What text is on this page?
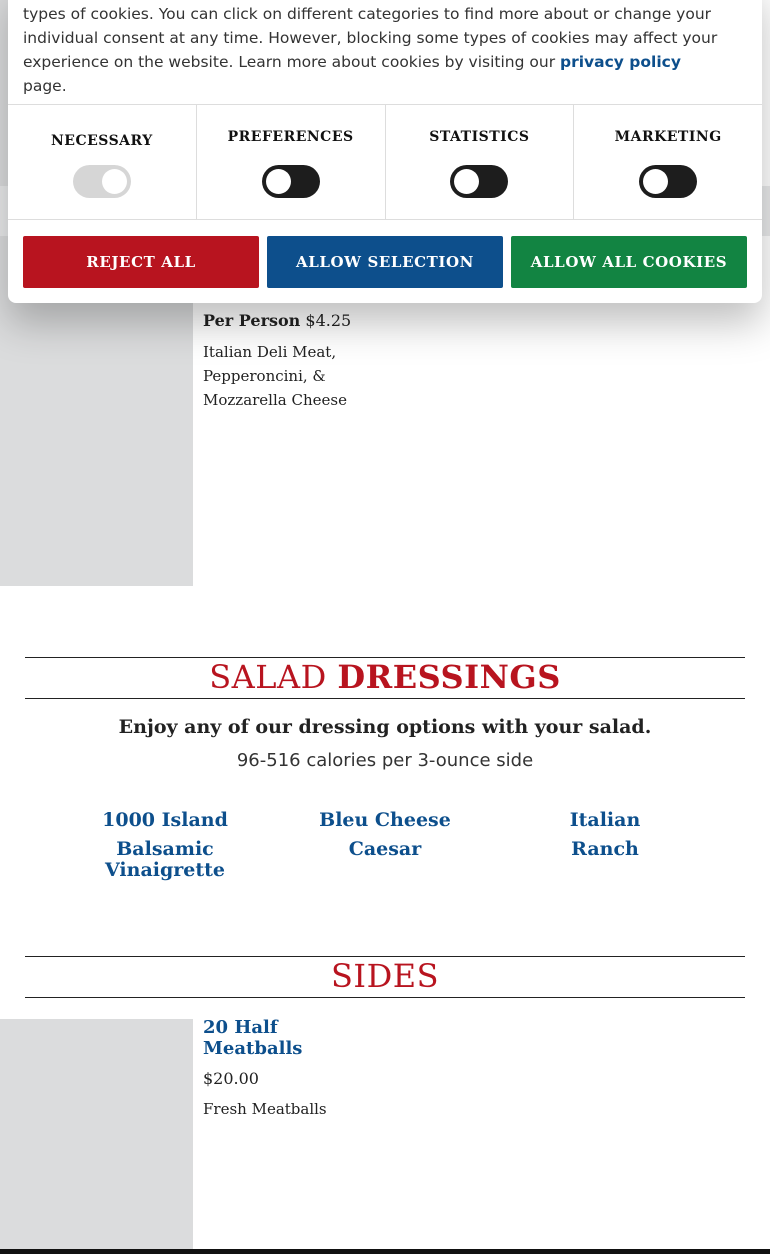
Per Person $4.25
Italian Deli Meat, Pepperoncini, & Mozzarella Cheese
SALAD DRESSINGS
Enjoy any of our dressing options with your salad.
96-516 calories per 3-ounce side
1000 Island	Bleu Cheese	Italian
Balsamic Vinaigrette
Caesar	Ranch
SIDES
20 Half Meatballs
$20.00
Fresh Meatballs
types of cookies. You can click on different categories to find more about or change your
individual consent at any time. However, blocking some types of cookies may affect your
experience on the website. Learn more about cookies by visiting our privacy policy page.
NECESSARY	PREFERENCES	STATISTICS	MARKETING
REJECT ALL	ALLOW SELECTION	ALLOW ALL COOKIES
